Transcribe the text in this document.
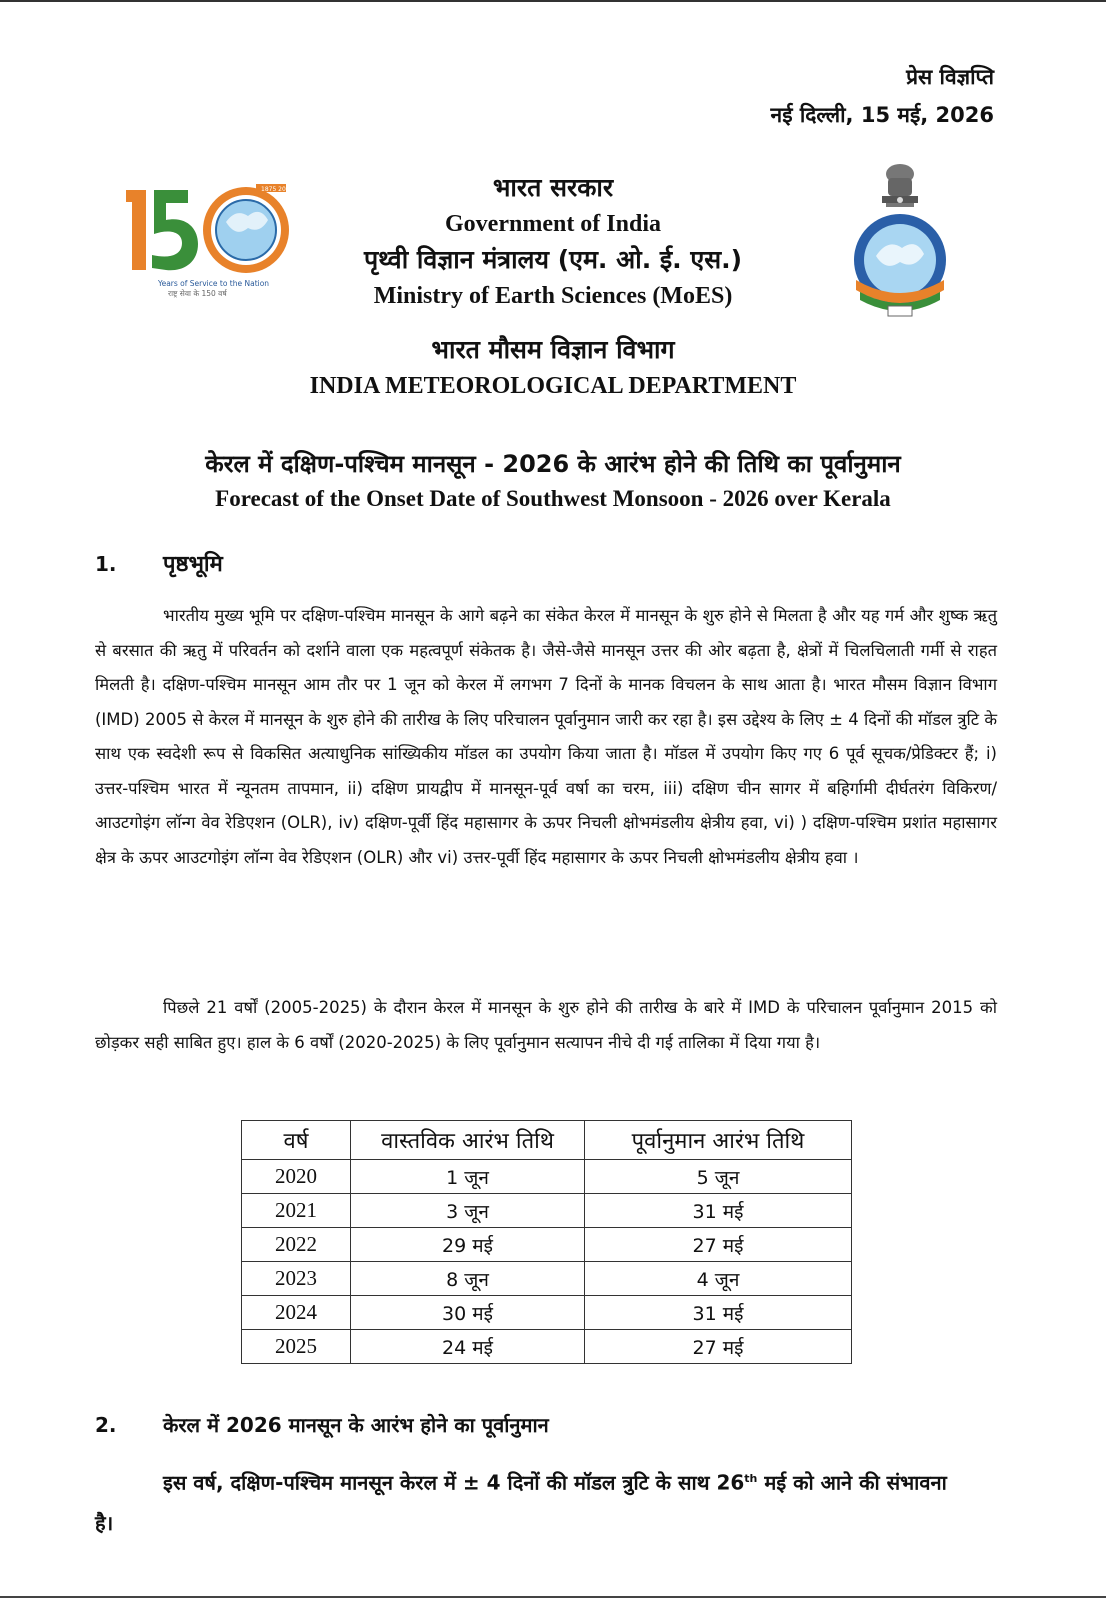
प्रेस विज्ञप्ति
नई दिल्ली, 15 मई, 2026
1875 2025
Years of Service to the Nation
राष्ट्र सेवा के 150 वर्ष
भारत सरकार
Government of India
पृथ्वी विज्ञान मंत्रालय (एम. ओ. ई. एस.)
Ministry of Earth Sciences (MoES)
भारत मौसम विज्ञान विभाग
INDIA METEOROLOGICAL DEPARTMENT
केरल में दक्षिण-पश्चिम मानसून - 2026 के आरंभ होने की तिथि का पूर्वानुमान
Forecast of the Onset Date of Southwest Monsoon - 2026 over Kerala
1. पृष्ठभूमि
भारतीय मुख्य भूमि पर दक्षिण-पश्चिम मानसून के आगे बढ़ने का संकेत केरल में मानसून के शुरु होने से मिलता है और यह गर्म और शुष्क ऋतु से बरसात की ऋतु में परिवर्तन को दर्शाने वाला एक महत्वपूर्ण संकेतक है। जैसे-जैसे मानसून उत्तर की ओर बढ़ता है, क्षेत्रों में चिलचिलाती गर्मी से राहत मिलती है। दक्षिण-पश्चिम मानसून आम तौर पर 1 जून को केरल में लगभग 7 दिनों के मानक विचलन के साथ आता है। भारत मौसम विज्ञान विभाग (IMD) 2005 से केरल में मानसून के शुरु होने की तारीख के लिए परिचालन पूर्वानुमान जारी कर रहा है। इस उद्देश्य के लिए ± 4 दिनों की मॉडल त्रुटि के साथ एक स्वदेशी रूप से विकसित अत्याधुनिक सांख्यिकीय मॉडल का उपयोग किया जाता है। मॉडल में उपयोग किए गए 6 पूर्व सूचक/प्रेडिक्टर हैं; i) उत्तर-पश्चिम भारत में न्यूनतम तापमान, ii) दक्षिण प्रायद्वीप में मानसून-पूर्व वर्षा का चरम, iii) दक्षिण चीन सागर में बहिर्गामी दीर्घतरंग विकिरण/आउटगोइंग लॉन्ग वेव रेडिएशन (OLR), iv) दक्षिण-पूर्वी हिंद महासागर के ऊपर निचली क्षोभमंडलीय क्षेत्रीय हवा, vi) ) दक्षिण-पश्चिम प्रशांत महासागर क्षेत्र के ऊपर आउटगोइंग लॉन्ग वेव रेडिएशन (OLR) और vi) उत्तर-पूर्वी हिंद महासागर के ऊपर निचली क्षोभमंडलीय क्षेत्रीय हवा ।
पिछले 21 वर्षों (2005-2025) के दौरान केरल में मानसून के शुरु होने की तारीख के बारे में IMD के परिचालन पूर्वानुमान 2015 को छोड़कर सही साबित हुए। हाल के 6 वर्षों (2020-2025) के लिए पूर्वानुमान सत्यापन नीचे दी गई तालिका में दिया गया है।
वर्ष	वास्तविक आरंभ तिथि	पूर्वानुमान आरंभ तिथि
2020	1 जून	5 जून
2021	3 जून	31 मई
2022	29 मई	27 मई
2023	8 जून	4 जून
2024	30 मई	31 मई
2025	24 मई	27 मई
2. केरल में 2026 मानसून के आरंभ होने का पूर्वानुमान
इस वर्ष, दक्षिण-पश्चिम मानसून केरल में ± 4 दिनों की मॉडल त्रुटि के साथ 26th मई को आने की संभावना है।
